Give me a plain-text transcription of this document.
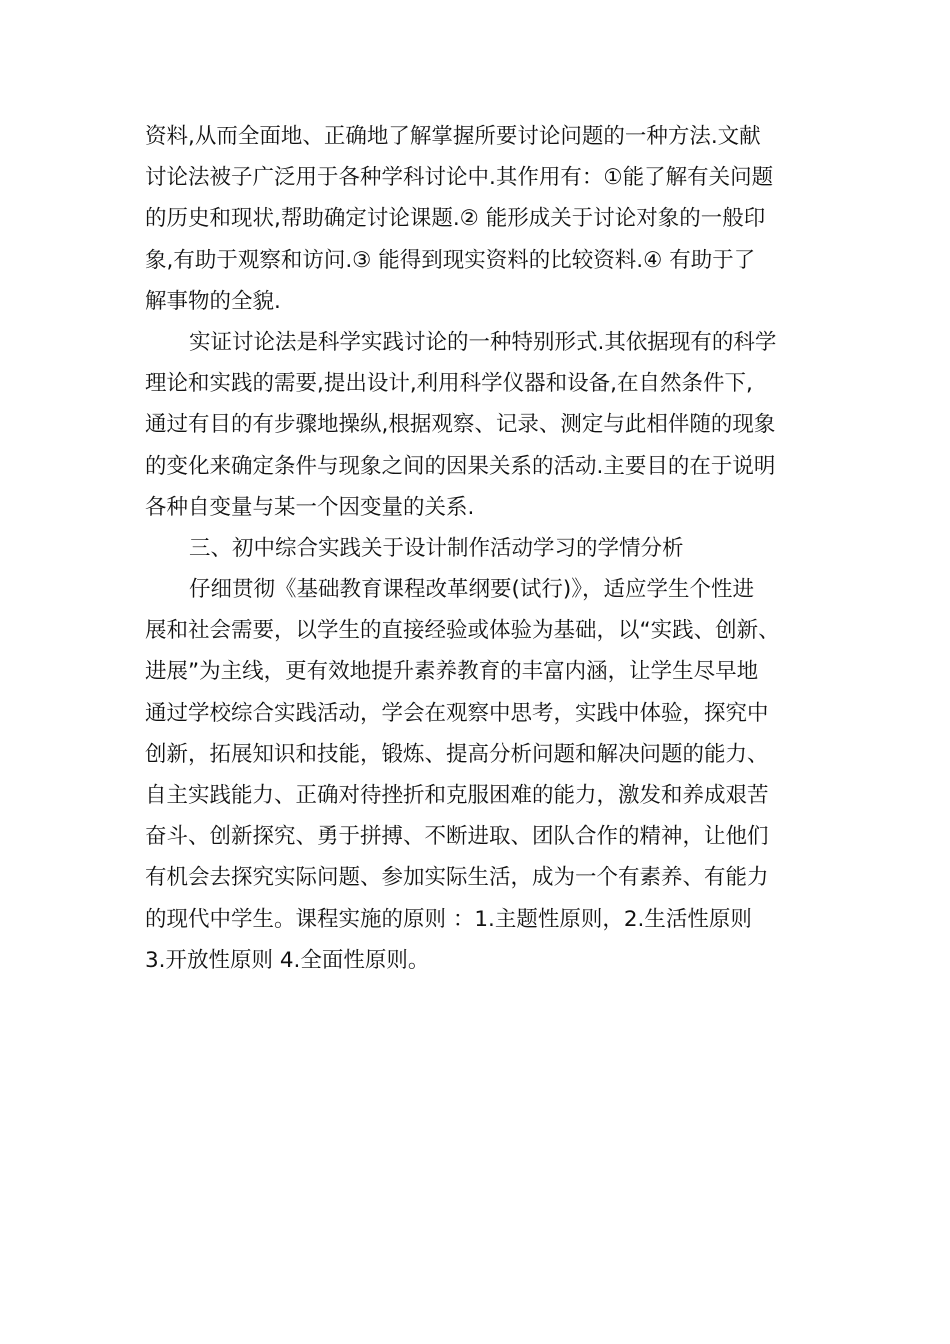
资料,从而全面地、正确地了解掌握所要讨论问题的一种方法.文献
讨论法被子广泛用于各种学科讨论中.其作用有：①能了解有关问题
的历史和现状,帮助确定讨论课题.② 能形成关于讨论对象的一般印
象,有助于观察和访问.③ 能得到现实资料的比较资料.④ 有助于了
解事物的全貌.
实证讨论法是科学实践讨论的一种特别形式.其依据现有的科学
理论和实践的需要,提出设计,利用科学仪器和设备,在自然条件下,
通过有目的有步骤地操纵,根据观察、记录、测定与此相伴随的现象
的变化来确定条件与现象之间的因果关系的活动.主要目的在于说明
各种自变量与某一个因变量的关系.
三、初中综合实践关于设计制作活动学习的学情分析
仔细贯彻《基础教育课程改革纲要(试行)》，适应学生个性进
展和社会需要，以学生的直接经验或体验为基础，以“实践、创新、
进展”为主线，更有效地提升素养教育的丰富内涵，让学生尽早地
通过学校综合实践活动，学会在观察中思考，实践中体验，探究中
创新，拓展知识和技能，锻炼、提高分析问题和解决问题的能力、
自主实践能力、正确对待挫折和克服困难的能力，激发和养成艰苦
奋斗、创新探究、勇于拼搏、不断进取、团队合作的精神，让他们
有机会去探究实际问题、参加实际生活，成为一个有素养、有能力
的现代中学生。课程实施的原则 ：1.主题性原则，2.生活性原则
3.开放性原则 4.全面性原则。
